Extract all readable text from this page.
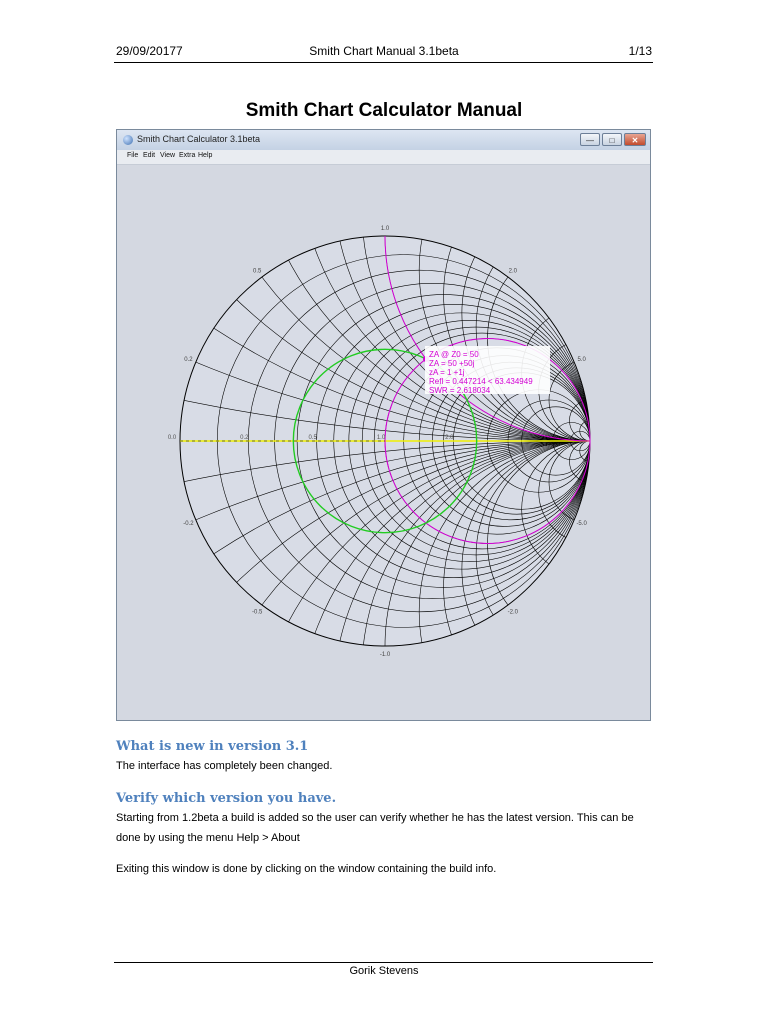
29/09/20177	Smith Chart Manual 3.1beta	1/13
Smith Chart Calculator Manual
Smith Chart Calculator 3.1beta	—	□	✕
File Edit View Extra Help
ZA @ Z0 = 50
ZA = 50 +50j
zA = 1 +1j
Refl = 0.447214 < 63.434949
SWR = 2.618034
1.0
-1.0
0.5	2.0
-0.5	-2.0
0.2
-0.2
5.0
-5.0
0.0	0.2	0.5	1.0	2.0
What is new in version 3.1
The interface has completely been changed.
Verify which version you have.
Starting from 1.2beta a build is added so the user can verify whether he has the latest version. This can be done by using the menu Help > About
Exiting this window is done by clicking on the window containing the build info.
Gorik Stevens
